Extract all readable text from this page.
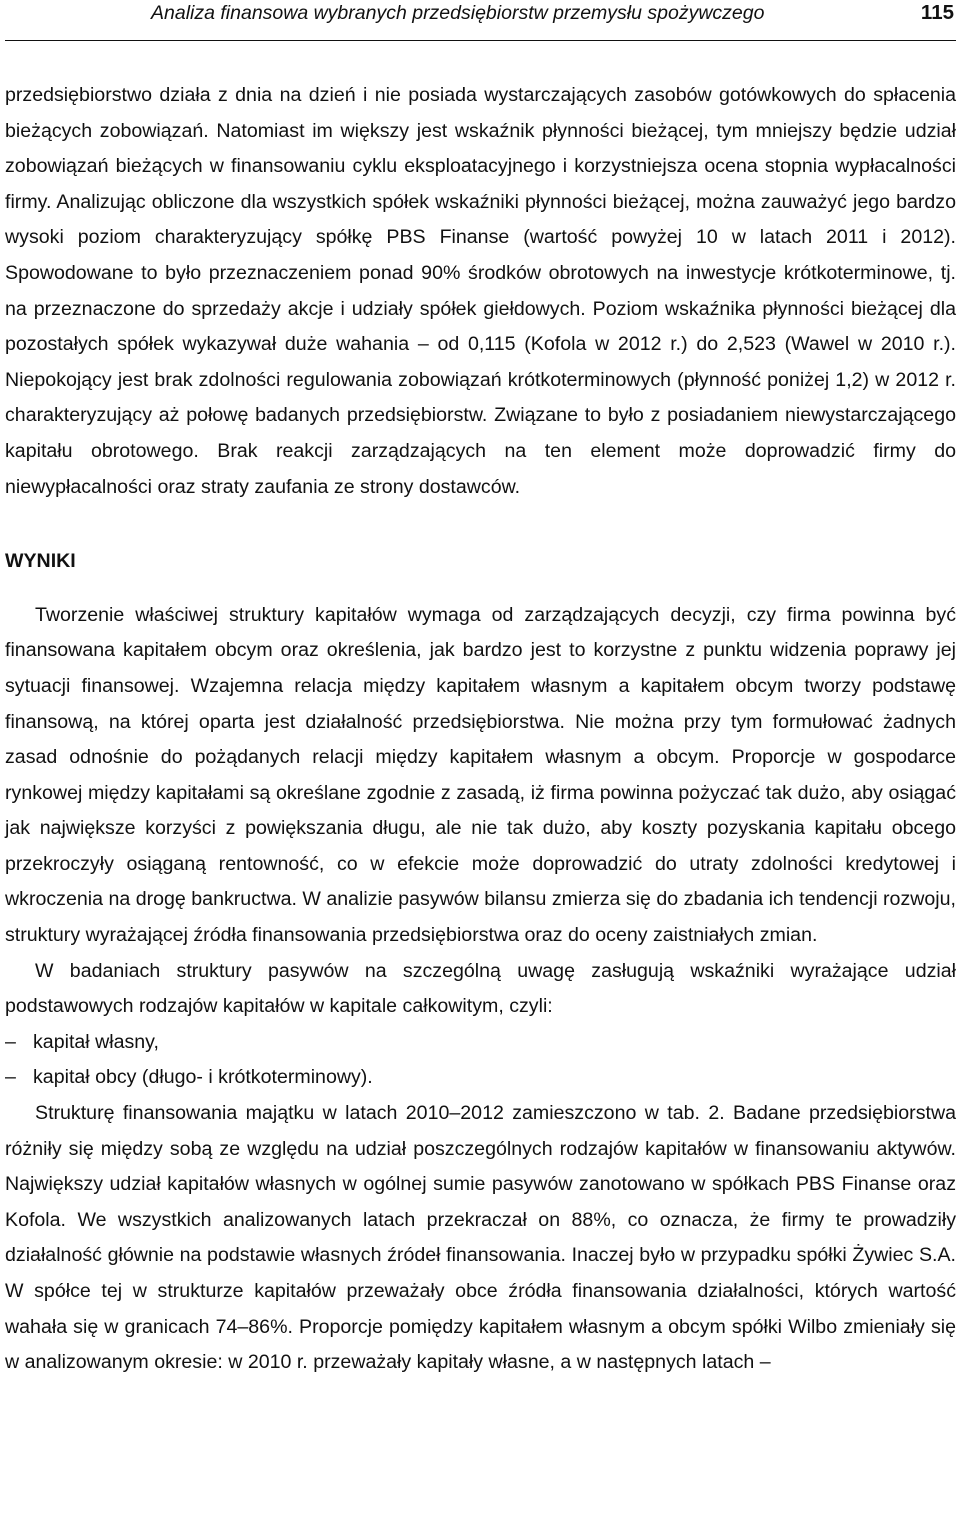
Analiza finansowa wybranych przedsiębiorstw przemysłu spożywczego	115

przedsiębiorstwo działa z dnia na dzień i nie posiada wystarczających zasobów gotówkowych do spłacenia bieżących zobowiązań. Natomiast im większy jest wskaźnik płynności bieżącej, tym mniejszy będzie udział zobowiązań bieżących w finansowaniu cyklu eksploatacyjnego i korzystniejsza ocena stopnia wypłacalności firmy. Analizując obliczone dla wszystkich spółek wskaźniki płynności bieżącej, można zauważyć jego bardzo wysoki poziom charakteryzujący spółkę PBS Finanse (wartość powyżej 10 w latach 2011 i 2012). Spowodowane to było przeznaczeniem ponad 90% środków obrotowych na inwestycje krótkoterminowe, tj. na przeznaczone do sprzedaży akcje i udziały spółek giełdowych. Poziom wskaźnika płynności bieżącej dla pozostałych spółek wykazywał duże wahania – od 0,115 (Kofola w 2012 r.) do 2,523 (Wawel w 2010 r.). Niepokojący jest brak zdolności regulowania zobowiązań krótkoterminowych (płynność poniżej 1,2) w 2012 r. charakteryzujący aż połowę badanych przedsiębiorstw. Związane to było z posiadaniem niewystarczającego kapitału obrotowego. Brak reakcji zarządzających na ten element może doprowadzić firmy do niewypłacalności oraz straty zaufania ze strony dostawców.

WYNIKI

Tworzenie właściwej struktury kapitałów wymaga od zarządzających decyzji, czy firma powinna być finansowana kapitałem obcym oraz określenia, jak bardzo jest to korzystne z punktu widzenia poprawy jej sytuacji finansowej. Wzajemna relacja między kapitałem własnym a kapitałem obcym tworzy podstawę finansową, na której oparta jest działalność przedsiębiorstwa. Nie można przy tym formułować żadnych zasad odnośnie do pożądanych relacji między kapitałem własnym a obcym. Proporcje w gospodarce rynkowej między kapitałami są określane zgodnie z zasadą, iż firma powinna pożyczać tak dużo, aby osiągać jak największe korzyści z powiększania długu, ale nie tak dużo, aby koszty pozyskania kapitału obcego przekroczyły osiąganą rentowność, co w efekcie może doprowadzić do utraty zdolności kredytowej i wkroczenia na drogę bankructwa. W analizie pasywów bilansu zmierza się do zbadania ich tendencji rozwoju, struktury wyrażającej źródła finansowania przedsiębiorstwa oraz do oceny zaistniałych zmian.

W badaniach struktury pasywów na szczególną uwagę zasługują wskaźniki wyrażające udział podstawowych rodzajów kapitałów w kapitale całkowitym, czyli:

– kapitał własny,
– kapitał obcy (długo- i krótkoterminowy).

Strukturę finansowania majątku w latach 2010–2012 zamieszczono w tab. 2. Badane przedsiębiorstwa różniły się między sobą ze względu na udział poszczególnych rodzajów kapitałów w finansowaniu aktywów. Największy udział kapitałów własnych w ogólnej sumie pasywów zanotowano w spółkach PBS Finanse oraz Kofola. We wszystkich analizowanych latach przekraczał on 88%, co oznacza, że firmy te prowadziły działalność głównie na podstawie własnych źródeł finansowania. Inaczej było w przypadku spółki Żywiec S.A. W spółce tej w strukturze kapitałów przeważały obce źródła finansowania działalności, których wartość wahała się w granicach 74–86%. Proporcje pomiędzy kapitałem własnym a obcym spółki Wilbo zmieniały się w analizowanym okresie: w 2010 r. przeważały kapitały własne, a w następnych latach –
